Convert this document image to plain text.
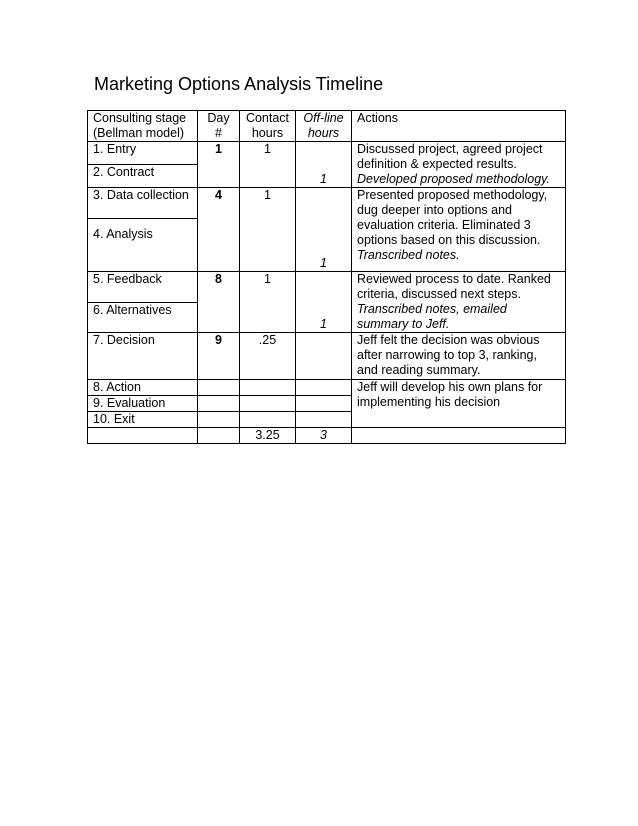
Marketing Options Analysis Timeline
Consulting stage (Bellman model)	Day #	Contact hours	Off-line hours	Actions
1. Entry	1	1	1	Discussed project, agreed project definition & expected results. Developed proposed methodology.
2. Contract				
3. Data collection	4	1	1	Presented proposed methodology, dug deeper into options and evaluation criteria. Eliminated 3 options based on this discussion. Transcribed notes.
4. Analysis				
5. Feedback	8	1	1	Reviewed process to date. Ranked criteria, discussed next steps. Transcribed notes, emailed summary to Jeff.
6. Alternatives				
7. Decision	9	.25		Jeff felt the decision was obvious after narrowing to top 3, ranking, and reading summary.
8. Action				Jeff will develop his own plans for implementing his decision
9. Evaluation				
10. Exit				
		3.25	3	
